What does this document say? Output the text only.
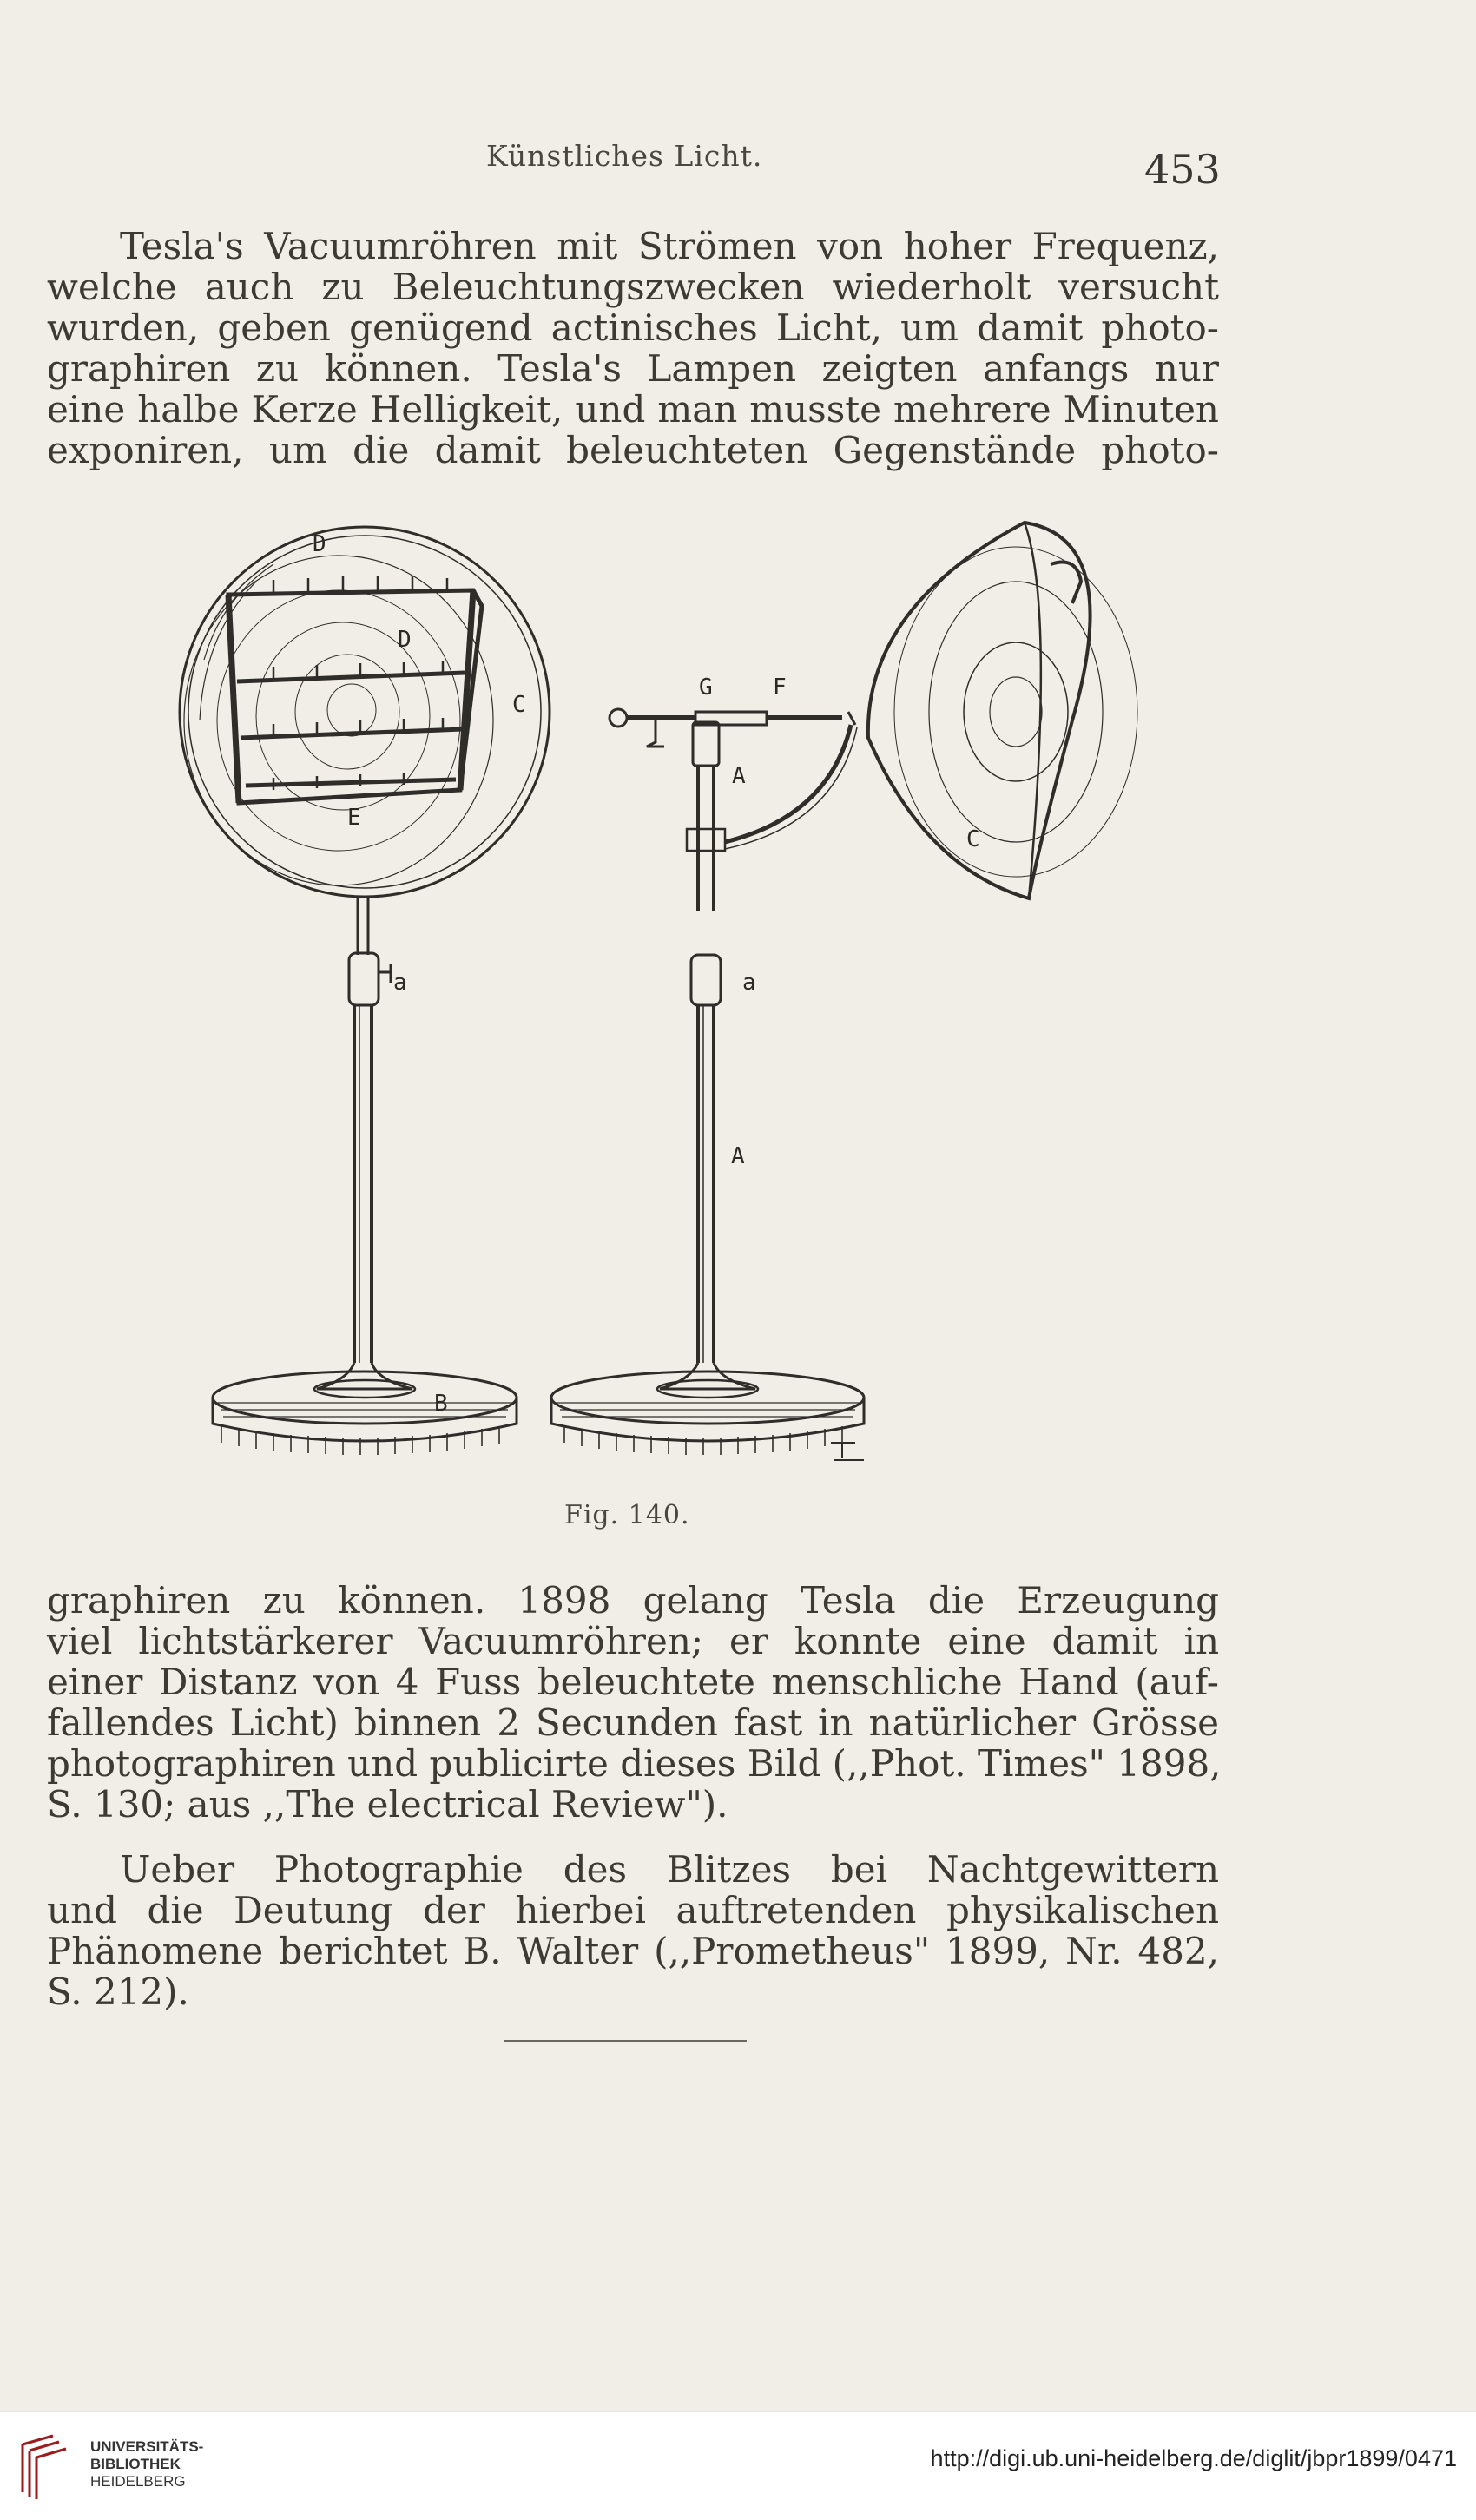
Künstliches Licht.	453
Tesla's Vacuumröhren mit Strömen von hoher Frequenz,
welche auch zu Beleuchtungszwecken wiederholt versucht
wurden, geben genügend actinisches Licht, um damit photo-
graphiren zu können. Tesla's Lampen zeigten anfangs nur
eine halbe Kerze Helligkeit, und man musste mehrere Minuten
exponiren, um die damit beleuchteten Gegenstände photo-
D
D
C
E
a
B
G	F
A
C
a
A
Fig. 140.
graphiren zu können. 1898 gelang Tesla die Erzeugung
viel lichtstärkerer Vacuumröhren; er konnte eine damit in
einer Distanz von 4 Fuss beleuchtete menschliche Hand (auf-
fallendes Licht) binnen 2 Secunden fast in natürlicher Grösse
photographiren und publicirte dieses Bild (,,Phot. Times" 1898,
S. 130; aus ,,The electrical Review").
Ueber Photographie des Blitzes bei Nachtgewittern
und die Deutung der hierbei auftretenden physikalischen
Phänomene berichtet B. Walter (,,Prometheus" 1899, Nr. 482,
S. 212).
UNIVERSITÄTS-
BIBLIOTHEK
HEIDELBERG
http://digi.ub.uni-heidelberg.de/diglit/jbpr1899/0471
